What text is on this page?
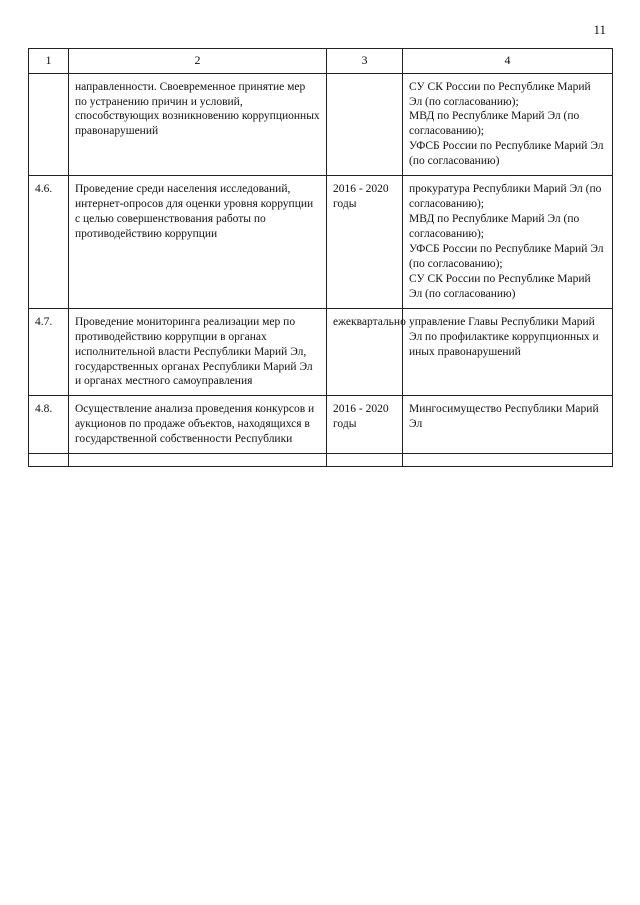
11
1	2	3	4
	направленности. Своевременное принятие мер по устранению причин и условий, способствующих возникновению коррупционных правонарушений		СУ СК России по Республике Марий Эл (по согласованию);
МВД по Республике Марий Эл (по согласованию);
УФСБ России по Республике Марий Эл (по согласованию)
4.6.	Проведение среди населения исследований, интернет-опросов для оценки уровня коррупции с целью совершенствования работы по противодействию коррупции	2016 - 2020 годы	прокуратура Республики Марий Эл (по согласованию);
МВД по Республике Марий Эл (по согласованию);
УФСБ России по Республике Марий Эл (по согласованию);
СУ СК России по Республике Марий Эл (по согласованию)
4.7.	Проведение мониторинга реализации мер по противодействию коррупции в органах исполнительной власти Республики Марий Эл, государственных органах Республики Марий Эл и органах местного самоуправления	ежеквартально	управление Главы Республики Марий Эл по профилактике коррупционных и иных правонарушений
4.8.	Осуществление анализа проведения конкурсов и аукционов по продаже объектов, находящихся в государственной собственности Республики	2016 - 2020 годы	Мингосимущество Республики Марий Эл
